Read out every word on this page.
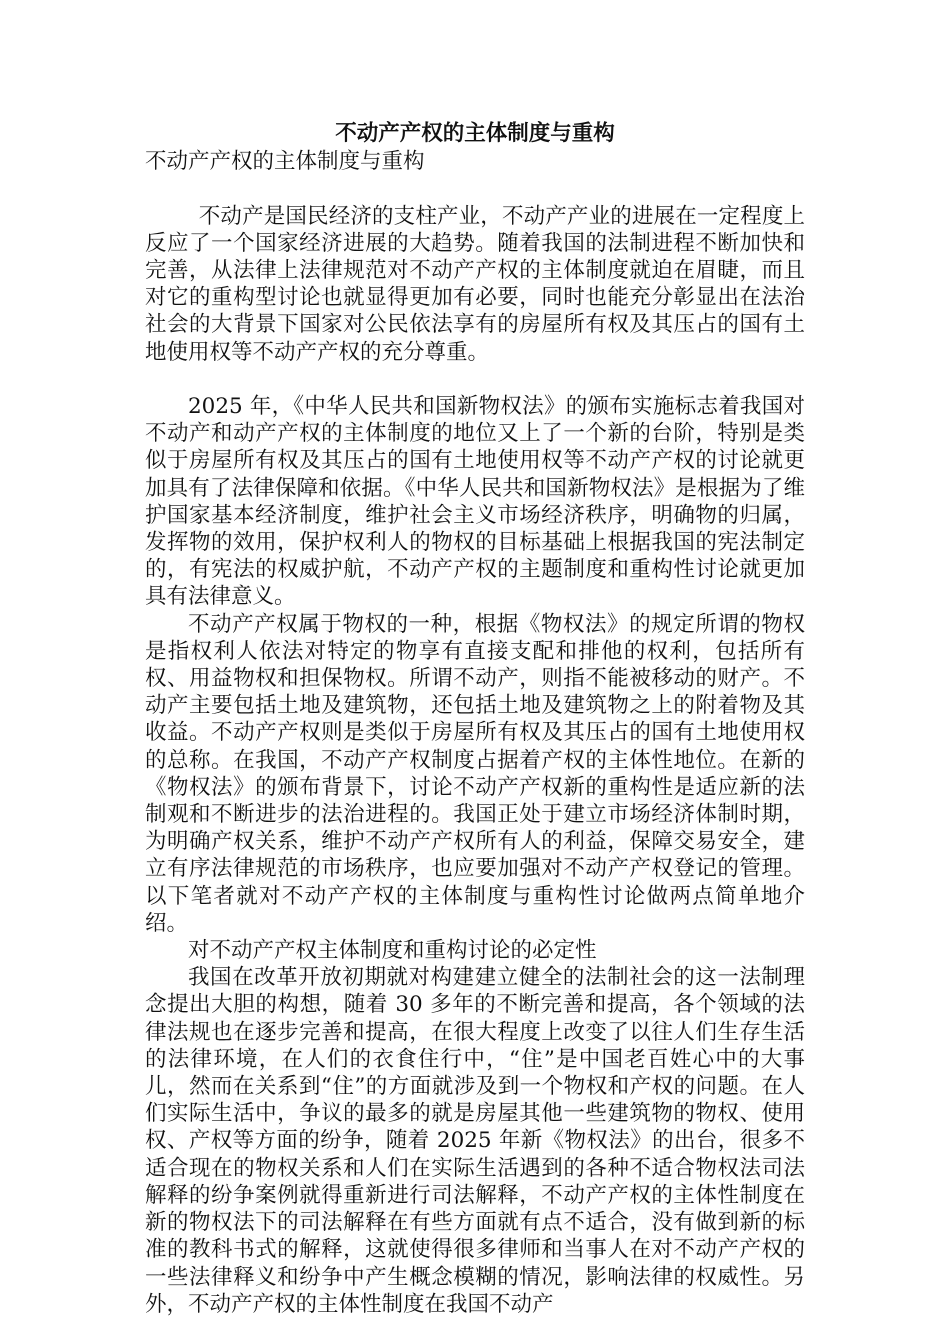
不动产产权的主体制度与重构
不动产产权的主体制度与重构

不动产是国民经济的支柱产业，不动产产业的进展在一定程度上反应了一个国家经济进展的大趋势。随着我国的法制进程不断加快和完善，从法律上法律规范对不动产产权的主体制度就迫在眉睫，而且对它的重构型讨论也就显得更加有必要，同时也能充分彰显出在法治社会的大背景下国家对公民依法享有的房屋所有权及其压占的国有土地使用权等不动产产权的充分尊重。

2025 年，《中华人民共和国新物权法》的颁布实施标志着我国对不动产和动产产权的主体制度的地位又上了一个新的台阶，特别是类似于房屋所有权及其压占的国有土地使用权等不动产产权的讨论就更加具有了法律保障和依据。《中华人民共和国新物权法》是根据为了维护国家基本经济制度，维护社会主义市场经济秩序，明确物的归属，发挥物的效用，保护权利人的物权的目标基础上根据我国的宪法制定的，有宪法的权威护航，不动产产权的主题制度和重构性讨论就更加具有法律意义。

不动产产权属于物权的一种，根据《物权法》的规定所谓的物权是指权利人依法对特定的物享有直接支配和排他的权利，包括所有权、用益物权和担保物权。所谓不动产，则指不能被移动的财产。不动产主要包括土地及建筑物，还包括土地及建筑物之上的附着物及其收益。不动产产权则是类似于房屋所有权及其压占的国有土地使用权的总称。在我国，不动产产权制度占据着产权的主体性地位。在新的《物权法》的颁布背景下，讨论不动产产权新的重构性是适应新的法制观和不断进步的法治进程的。我国正处于建立市场经济体制时期，为明确产权关系，维护不动产产权所有人的利益，保障交易安全，建立有序法律规范的市场秩序，也应要加强对不动产产权登记的管理。以下笔者就对不动产产权的主体制度与重构性讨论做两点简单地介绍。

对不动产产权主体制度和重构讨论的必定性

我国在改革开放初期就对构建建立健全的法制社会的这一法制理念提出大胆的构想，随着 30 多年的不断完善和提高，各个领域的法律法规也在逐步完善和提高，在很大程度上改变了以往人们生存生活的法律环境，在人们的衣食住行中，“住”是中国老百姓心中的大事儿，然而在关系到“住”的方面就涉及到一个物权和产权的问题。在人们实际生活中，争议的最多的就是房屋其他一些建筑物的物权、使用权、产权等方面的纷争，随着 2025 年新《物权法》的出台，很多不适合现在的物权关系和人们在实际生活遇到的各种不适合物权法司法解释的纷争案例就得重新进行司法解释，不动产产权的主体性制度在新的物权法下的司法解释在有些方面就有点不适合，没有做到新的标准的教科书式的解释，这就使得很多律师和当事人在对不动产产权的一些法律释义和纷争中产生概念模糊的情况，影响法律的权威性。另外，不动产产权的主体性制度在我国不动产
